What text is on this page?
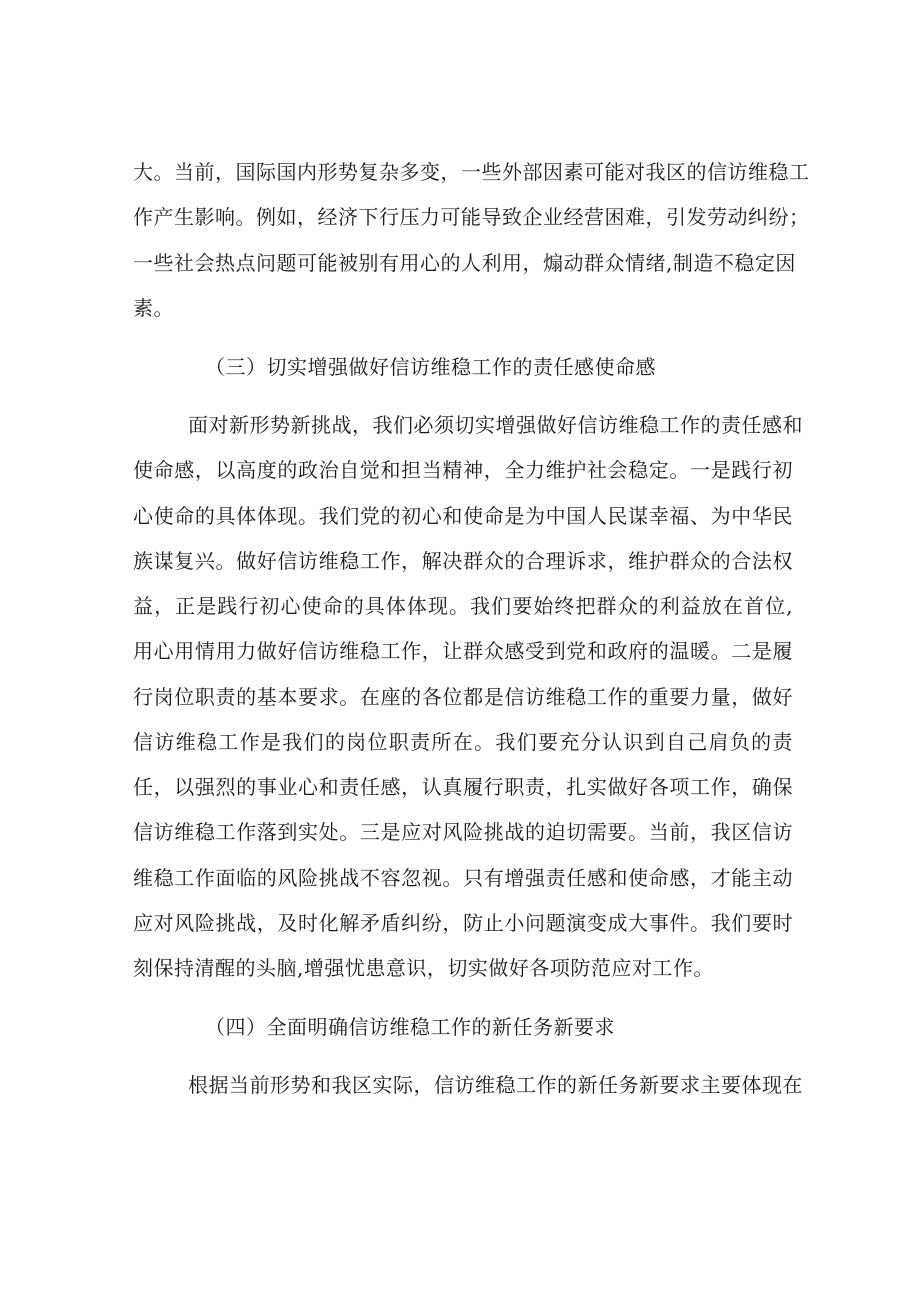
大。当前，国际国内形势复杂多变，一些外部因素可能对我区的信访维稳工
作产生影响。例如，经济下行压力可能导致企业经营困难，引发劳动纠纷；
一些社会热点问题可能被别有用心的人利用，煽动群众情绪,制造不稳定因
素。
（三）切实增强做好信访维稳工作的责任感使命感
面对新形势新挑战，我们必须切实增强做好信访维稳工作的责任感和
使命感，以高度的政治自觉和担当精神，全力维护社会稳定。一是践行初
心使命的具体体现。我们党的初心和使命是为中国人民谋幸福、为中华民
族谋复兴。做好信访维稳工作，解决群众的合理诉求，维护群众的合法权
益，正是践行初心使命的具体体现。我们要始终把群众的利益放在首位,
用心用情用力做好信访维稳工作，让群众感受到党和政府的温暖。二是履
行岗位职责的基本要求。在座的各位都是信访维稳工作的重要力量，做好
信访维稳工作是我们的岗位职责所在。我们要充分认识到自己肩负的责
任，以强烈的事业心和责任感，认真履行职责，扎实做好各项工作，确保
信访维稳工作落到实处。三是应对风险挑战的迫切需要。当前，我区信访
维稳工作面临的风险挑战不容忽视。只有增强责任感和使命感，才能主动
应对风险挑战，及时化解矛盾纠纷，防止小问题演变成大事件。我们要时
刻保持清醒的头脑,增强忧患意识，切实做好各项防范应对工作。
（四）全面明确信访维稳工作的新任务新要求
根据当前形势和我区实际，信访维稳工作的新任务新要求主要体现在
